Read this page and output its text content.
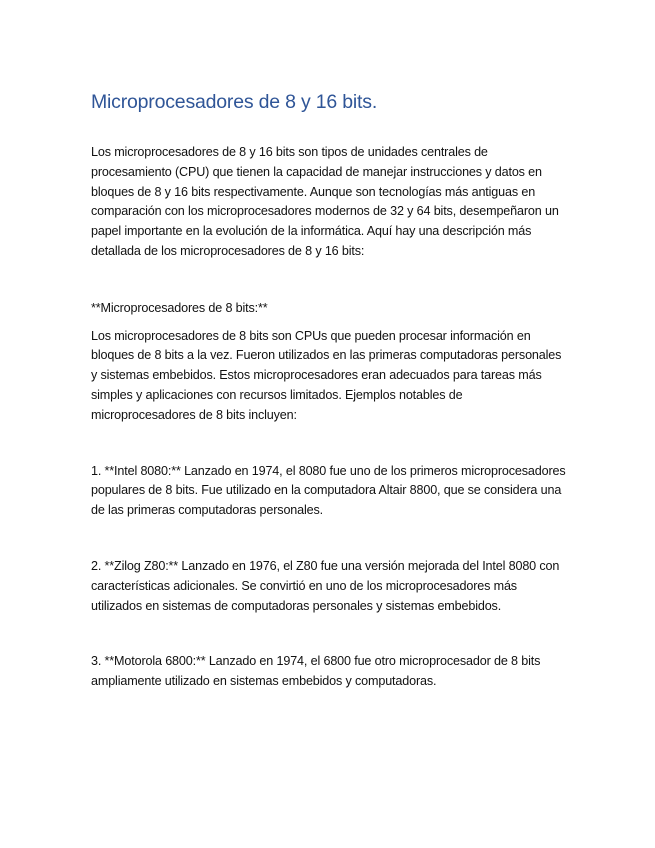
Microprocesadores de 8 y 16 bits.

Los microprocesadores de 8 y 16 bits son tipos de unidades centrales de procesamiento (CPU) que tienen la capacidad de manejar instrucciones y datos en bloques de 8 y 16 bits respectivamente. Aunque son tecnologías más antiguas en comparación con los microprocesadores modernos de 32 y 64 bits, desempeñaron un papel importante en la evolución de la informática. Aquí hay una descripción más detallada de los microprocesadores de 8 y 16 bits:

**Microprocesadores de 8 bits:**

Los microprocesadores de 8 bits son CPUs que pueden procesar información en bloques de 8 bits a la vez. Fueron utilizados en las primeras computadoras personales y sistemas embebidos. Estos microprocesadores eran adecuados para tareas más simples y aplicaciones con recursos limitados. Ejemplos notables de microprocesadores de 8 bits incluyen:

1. **Intel 8080:** Lanzado en 1974, el 8080 fue uno de los primeros microprocesadores populares de 8 bits. Fue utilizado en la computadora Altair 8800, que se considera una de las primeras computadoras personales.

2. **Zilog Z80:** Lanzado en 1976, el Z80 fue una versión mejorada del Intel 8080 con características adicionales. Se convirtió en uno de los microprocesadores más utilizados en sistemas de computadoras personales y sistemas embebidos.

3. **Motorola 6800:** Lanzado en 1974, el 6800 fue otro microprocesador de 8 bits ampliamente utilizado en sistemas embebidos y computadoras.
